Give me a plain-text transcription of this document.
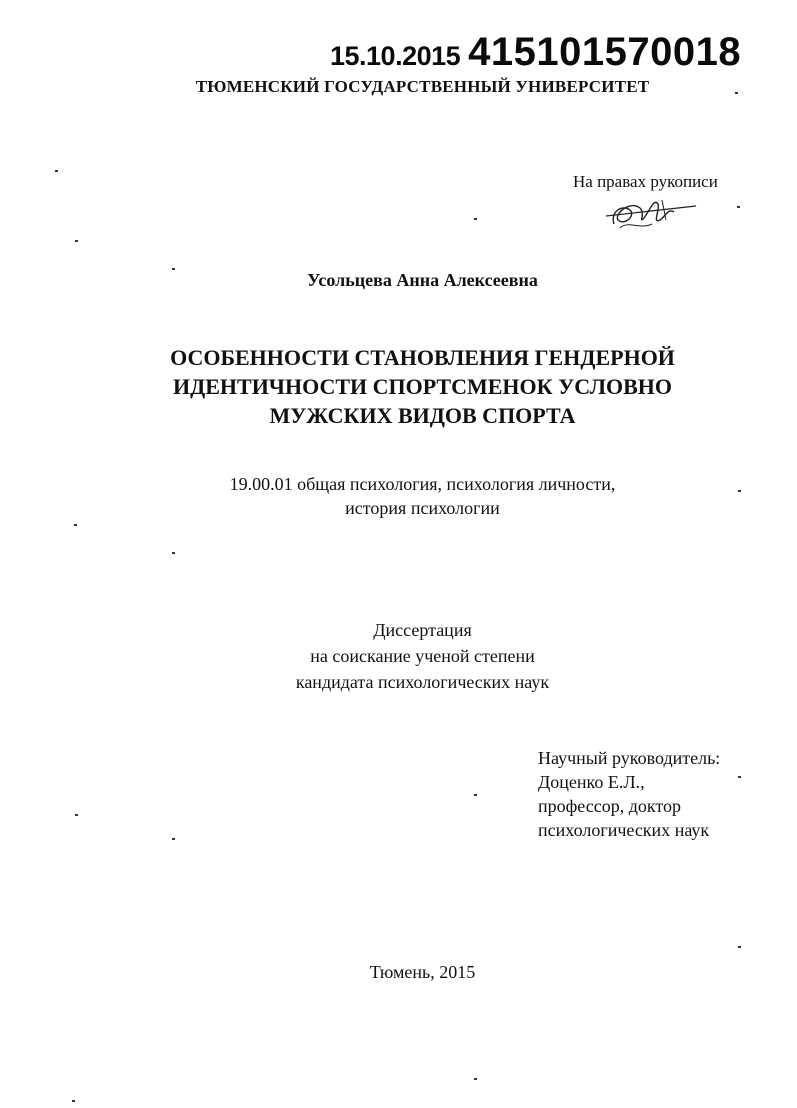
15.10.2015 415101570018
ТЮМЕНСКИЙ ГОСУДАРСТВЕННЫЙ УНИВЕРСИТЕТ
На правах рукописи
Усольцева Анна Алексеевна
ОСОБЕННОСТИ СТАНОВЛЕНИЯ ГЕНДЕРНОЙ
ИДЕНТИЧНОСТИ СПОРТСМЕНОК УСЛОВНО
МУЖСКИХ ВИДОВ СПОРТА
19.00.01 общая психология, психология личности,
история психологии
Диссертация
на соискание ученой степени
кандидата психологических наук
Научный руководитель:
Доценко Е.Л.,
профессор, доктор
психологических наук
Тюмень, 2015
